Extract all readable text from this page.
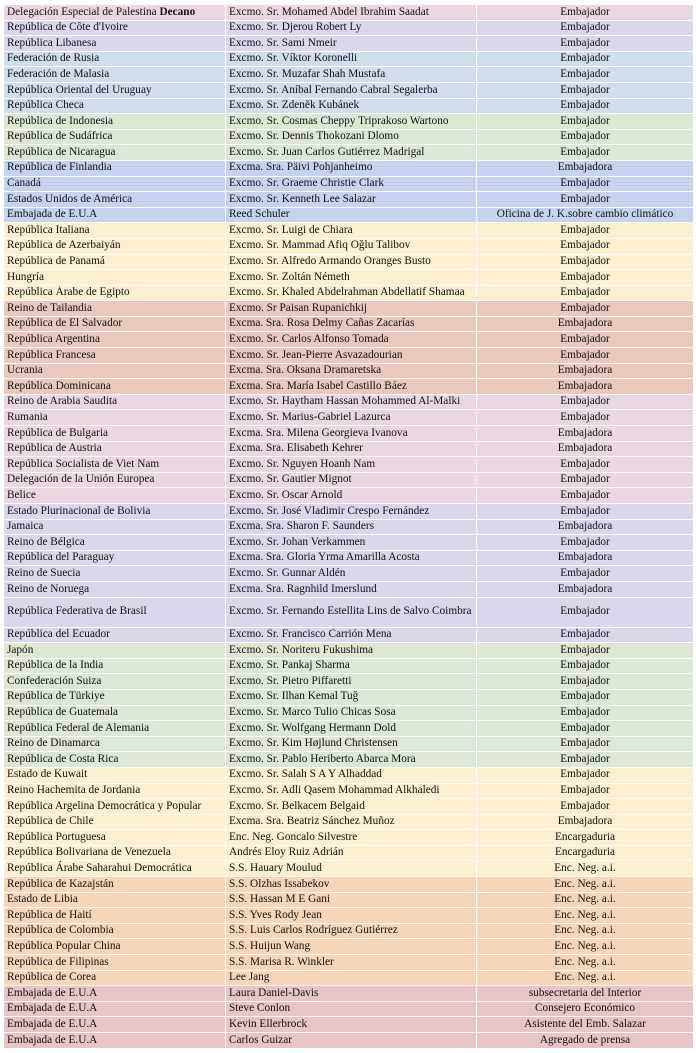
Delegación Especial de Palestina Decano	Excmo. Sr. Mohamed Abdel Ibrahim Saadat	Embajador
República de Côte d'Ivoire	Excmo. Sr. Djerou Robert Ly	Embajador
República Libanesa	Excmo. Sr. Sami Nmeir	Embajador
Federación de Rusia	Excmo. Sr. Víktor Koronelli	Embajador
Federación de Malasia	Excmo. Sr. Muzafar Shah Mustafa	Embajador
República Oriental del Uruguay	Excmo. Sr. Aníbal Fernando Cabral Segalerba	Embajador
República Checa	Excmo. Sr. Zdeněk Kubánek	Embajador
República de Indonesia	Excmo. Sr. Cosmas Cheppy Triprakoso Wartono	Embajador
República de Sudáfrica	Excmo. Sr. Dennis Thokozani Dlomo	Embajador
República de Nicaragua	Excmo. Sr. Juan Carlos Gutiérrez Madrigal	Embajador
República de Finlandia	Excma. Sra. Päivi Pohjanheimo	Embajadora
Canadá	Excmo. Sr. Graeme Christie Clark	Embajador
Estados Unidos de América	Excmo. Sr. Kenneth Lee Salazar	Embajador
Embajada de E.U.A	Reed Schuler	Oficina de J. K.sobre cambio climático
República Italiana	Excmo. Sr. Luigi de Chiara	Embajador
República de Azerbaiyán	Excmo. Sr. Mammad Afiq Oğlu Talibov	Embajador
República de Panamá	Excmo. Sr. Alfredo Armando Oranges Busto	Embajador
Hungría	Excmo. Sr. Zoltán Németh	Embajador
República Árabe de Egipto	Excmo. Sr. Khaled Abdelrahman Abdellatif Shamaa	Embajador
Reino de Tailandia	Excmo. Sr Paisan Rupanichkij	Embajador
República de El Salvador	Excma. Sra. Rosa Delmy Cañas Zacarías	Embajadora
República Argentina	Excmo. Sr. Carlos Alfonso Tomada	Embajador
República Francesa	Excmo. Sr. Jean-Pierre Asvazadourian	Embajador
Ucrania	Excma. Sra. Oksana Dramaretska	Embajadora
República Dominicana	Excma. Sra. María Isabel Castillo Báez	Embajadora
Reino de Arabia Saudita	Excmo. Sr. Haytham Hassan Mohammed Al-Malki	Embajador
Rumania	Excmo. Sr. Marius-Gabriel Lazurca	Embajador
República de Bulgaria	Excma. Sra. Milena Georgieva Ivanova	Embajadora
República de Austria	Excma. Sra. Elisabeth Kehrer	Embajadora
República Socialista de Viet Nam	Excmo. Sr. Nguyen Hoanh Nam	Embajador
Delegación de la Unión Europea	Excmo. Sr. Gautier Mignot	Embajador
Belice	Excmo. Sr. Oscar Arnold	Embajador
Estado Plurinacional de Bolivia	Excmo. Sr. José Vladimir Crespo Fernández	Embajador
Jamaica	Excma. Sra. Sharon F. Saunders	Embajadora
Reino de Bélgica	Excmo. Sr. Johan Verkammen	Embajador
República del Paraguay	Excma. Sra. Gloria Yrma Amarilla Acosta	Embajadora
Reino de Suecia	Excmo. Sr. Gunnar Aldén	Embajador
Reino de Noruega	Excma. Sra. Ragnhild Imerslund	Embajadora
República Federativa de Brasil	Excmo. Sr. Fernando Estellita Lins de Salvo Coimbra	Embajador
República del Ecuador	Excmo. Sr. Francisco Carrión Mena	Embajador
Japón	Excmo. Sr. Noriteru Fukushima	Embajador
República de la India	Excmo. Sr. Pankaj Sharma	Embajador
Confederación Suiza	Excmo. Sr. Pietro Piffaretti	Embajador
República de Türkiye	Excmo. Sr. Ilhan Kemal Tuğ	Embajador
República de Guatemala	Excmo. Sr. Marco Tulio Chicas Sosa	Embajador
República Federal de Alemania	Excmo. Sr. Wolfgang Hermann Dold	Embajador
Reino de Dinamarca	Excmo. Sr. Kim Højlund Christensen	Embajador
República de Costa Rica	Excmo. Sr. Pablo Heriberto Abarca Mora	Embajador
Estado de Kuwait	Excmo. Sr. Salah S A Y Alhaddad	Embajador
Reino Hachemita de Jordania	Excmo. Sr. Adli Qasem Mohammad Alkhaledi	Embajador
República Argelina Democrática y Popular	Excmo. Sr. Belkacem Belgaid	Embajador
República de Chile	Excma. Sra. Beatriz Sánchez Muñoz	Embajadora
República Portuguesa	Enc. Neg. Goncalo Silvestre	Encargaduria
República Bolivariana de Venezuela	Andrés Eloy Ruiz Adrián	Encargaduria
República Árabe Saharahui Democrática	S.S. Hauary Moulud	Enc. Neg. a.i.
República de Kazajstán	S.S. Olzhas Issabekov	Enc. Neg. a.i.
Estado de Libia	S.S. Hassan M E Gani	Enc. Neg. a.i.
República de Haití	S.S. Yves Rody Jean	Enc. Neg. a.i.
República de Colombia	S.S. Luis Carlos Rodríguez Gutiérrez	Enc. Neg. a.i.
República Popular China	S.S. Huijun Wang	Enc. Neg. a.i.
República de Filipinas	S.S. Marisa R. Winkler	Enc. Neg. a.i.
República de Corea	Lee Jang	Enc. Neg. a.i.
Embajada de E.U.A	Laura Daniel-Davis	subsecretaria del Interior
Embajada de E.U.A	Steve Conlon	Consejero Económico
Embajada de E.U.A	Kevin Ellerbrock	Asistente del Emb. Salazar
Embajada de E.U.A	Carlos Guizar	Agregado de prensa
